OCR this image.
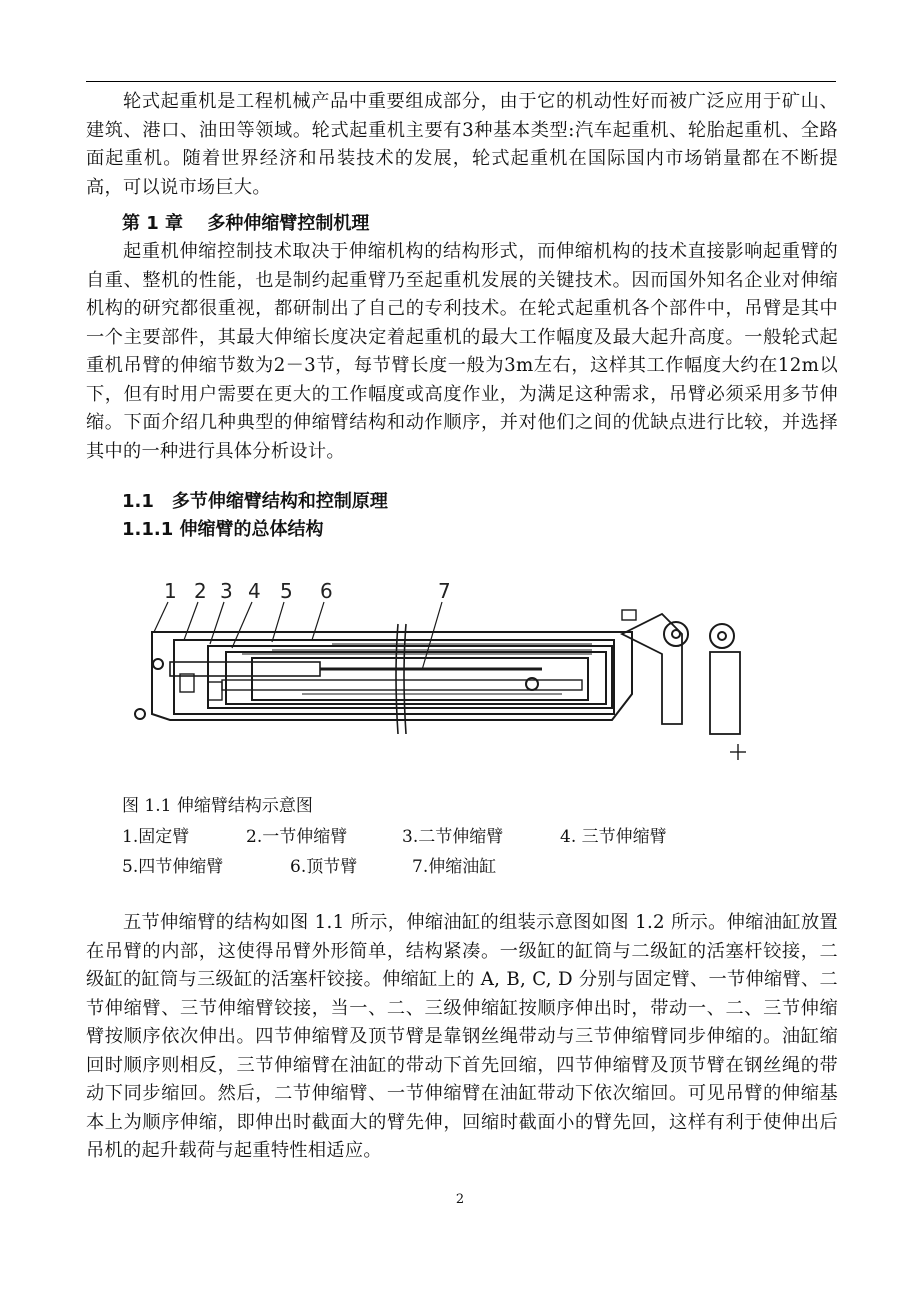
轮式起重机是工程机械产品中重要组成部分，由于它的机动性好而被广泛应用于矿山、建筑、港口、油田等领域。轮式起重机主要有3种基本类型:汽车起重机、轮胎起重机、全路面起重机。随着世界经济和吊装技术的发展，轮式起重机在国际国内市场销量都在不断提高，可以说市场巨大。

第 1 章　 多种伸缩臂控制机理

起重机伸缩控制技术取决于伸缩机构的结构形式，而伸缩机构的技术直接影响起重臂的自重、整机的性能，也是制约起重臂乃至起重机发展的关键技术。因而国外知名企业对伸缩机构的研究都很重视，都研制出了自己的专利技术。在轮式起重机各个部件中，吊臂是其中一个主要部件，其最大伸缩长度决定着起重机的最大工作幅度及最大起升高度。一般轮式起重机吊臂的伸缩节数为2－3节，每节臂长度一般为3m左右，这样其工作幅度大约在12m以下，但有时用户需要在更大的工作幅度或高度作业，为满足这种需求，吊臂必须采用多节伸缩。下面介绍几种典型的伸缩臂结构和动作顺序，并对他们之间的优缺点进行比较，并选择其中的一种进行具体分析设计。

1.1　多节伸缩臂结构和控制原理

1.1.1 伸缩臂的总体结构

1 2 3 4 5 6	7

图 1.1 伸缩臂结构示意图

1.固定臂	2.一节伸缩臂	3.二节伸缩臂	4. 三节伸缩臂
5.四节伸缩臂	6.顶节臂	7.伸缩油缸

五节伸缩臂的结构如图 1.1 所示，伸缩油缸的组装示意图如图 1.2 所示。伸缩油缸放置在吊臂的内部，这使得吊臂外形简单，结构紧凑。一级缸的缸筒与二级缸的活塞杆铰接，二级缸的缸筒与三级缸的活塞杆铰接。伸缩缸上的 A, B, C, D 分别与固定臂、一节伸缩臂、二节伸缩臂、三节伸缩臂铰接，当一、二、三级伸缩缸按顺序伸出时，带动一、二、三节伸缩臂按顺序依次伸出。四节伸缩臂及顶节臂是靠钢丝绳带动与三节伸缩臂同步伸缩的。油缸缩回时顺序则相反，三节伸缩臂在油缸的带动下首先回缩，四节伸缩臂及顶节臂在钢丝绳的带动下同步缩回。然后，二节伸缩臂、一节伸缩臂在油缸带动下依次缩回。可见吊臂的伸缩基本上为顺序伸缩，即伸出时截面大的臂先伸，回缩时截面小的臂先回，这样有利于使伸出后吊机的起升载荷与起重特性相适应。

2
